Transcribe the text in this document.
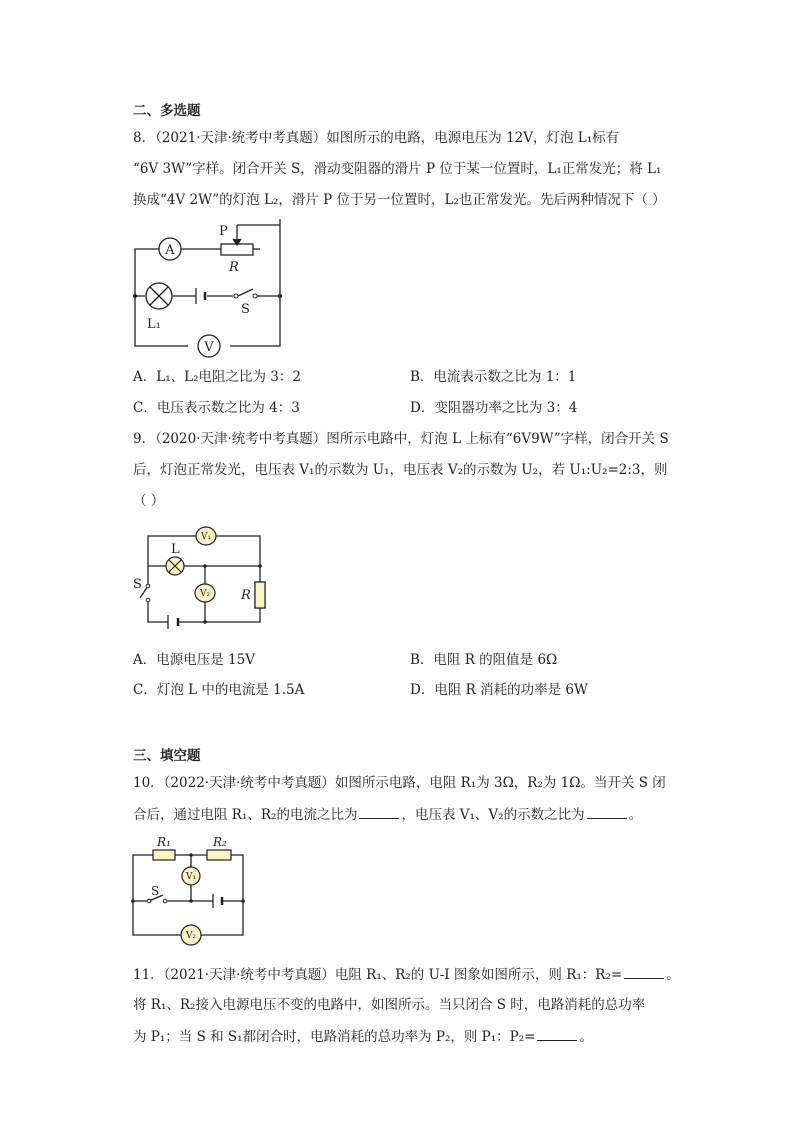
二、多选题
8．（2021·天津·统考中考真题）如图所示的电路，电源电压为 12V，灯泡 L₁标有
“6V 3W”字样。闭合开关 S，滑动变阻器的滑片 P 位于某一位置时，L₁正常发光；将 L₁
换成“4V 2W”的灯泡 L₂，滑片 P 位于另一位置时，L₂也正常发光。先后两种情况下（ ）
A
P
R
S
L₁
V
A．L₁、L₂电阻之比为 3：2	B．电流表示数之比为 1：1
C．电压表示数之比为 4：3	D．变阻器功率之比为 3：4
9．（2020·天津·统考中考真题）图所示电路中，灯泡 L 上标有“6V9W”字样，闭合开关 S
后，灯泡正常发光，电压表 V₁的示数为 U₁，电压表 V₂的示数为 U₂，若 U₁:U₂=2:3，则
（ ）
V₁
V₂
L
S
R
A．电源电压是 15V	B．电阻 R 的阻值是 6Ω
C．灯泡 L 中的电流是 1.5A	D．电阻 R 消耗的功率是 6W
三、填空题
10．（2022·天津·统考中考真题）如图所示电路，电阻 R₁为 3Ω，R₂为 1Ω。当开关 S 闭
合后，通过电阻 R₁、R₂的电流之比为	，电压表 V₁、V₂的示数之比为	。
R₁	R₂
S
V₁
V₂
11．（2021·天津·统考中考真题）电阻 R₁、R₂的 U-I 图象如图所示，则 R₁：R₂=	。
将 R₁、R₂接入电源电压不变的电路中，如图所示。当只闭合 S 时，电路消耗的总功率
为 P₁；当 S 和 S₁都闭合时，电路消耗的总功率为 P₂，则 P₁：P₂=	。
